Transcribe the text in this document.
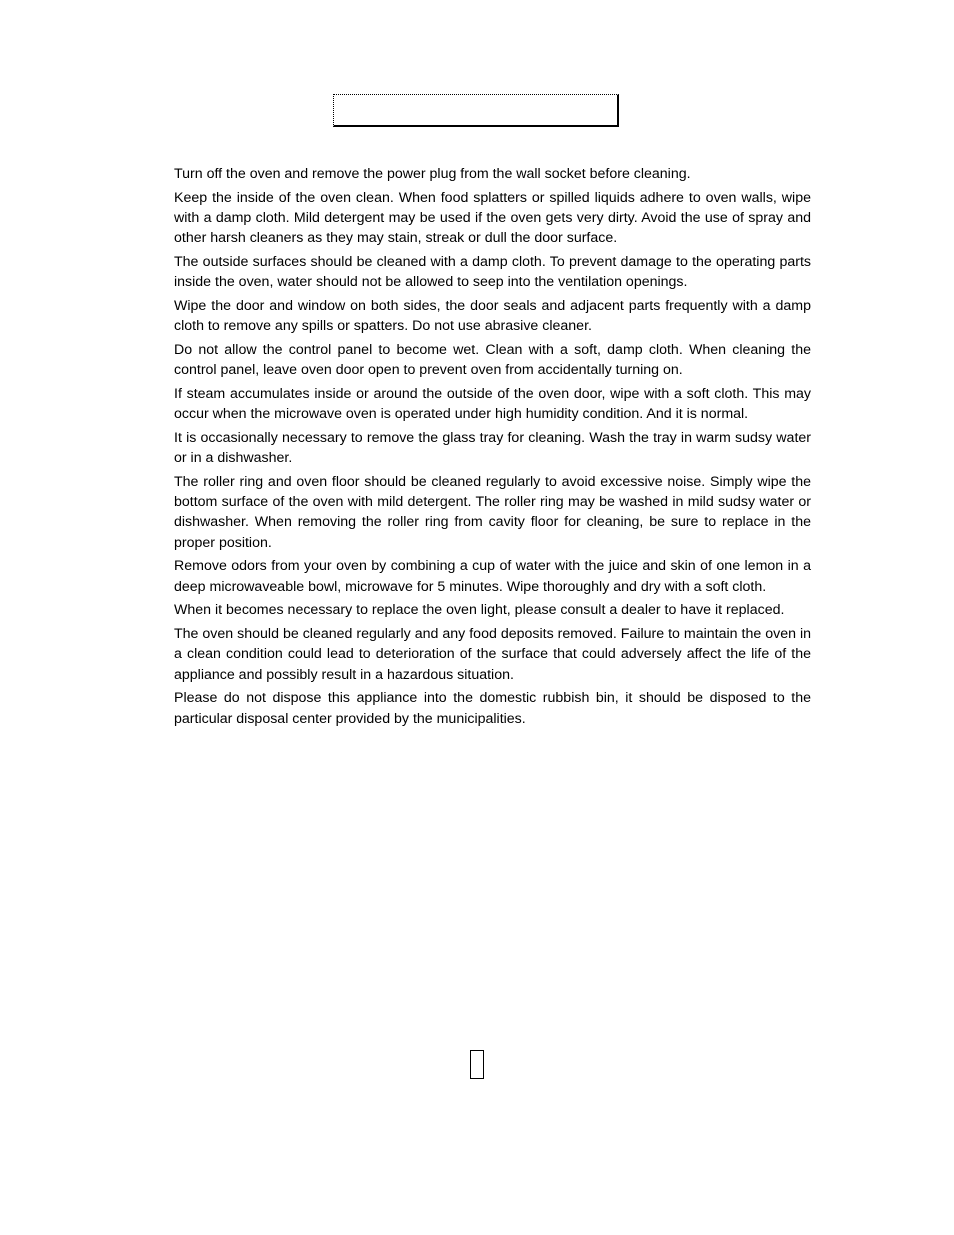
Turn off the oven and remove the power plug from the wall socket before cleaning.

Keep the inside of the oven clean. When food splatters or spilled liquids adhere to oven walls, wipe with a damp cloth. Mild detergent may be used if the oven gets very dirty. Avoid the use of spray and other harsh cleaners as they may stain, streak or dull the door surface.

The outside surfaces should be cleaned with a damp cloth. To prevent damage to the operating parts inside the oven, water should not be allowed to seep into the ventilation openings.

Wipe the door and window on both sides, the door seals and adjacent parts frequently with a damp cloth to remove any spills or spatters. Do not use abrasive cleaner.

Do not allow the control panel to become wet. Clean with a soft, damp cloth. When cleaning the control panel, leave oven door open to prevent oven from accidentally turning on.

If steam accumulates inside or around the outside of the oven door, wipe with a soft cloth. This may occur when the microwave oven is operated under high humidity condition. And it is normal.

It is occasionally necessary to remove the glass tray for cleaning. Wash the tray in warm sudsy water or in a dishwasher.

The roller ring and oven floor should be cleaned regularly to avoid excessive noise. Simply wipe the bottom surface of the oven with mild detergent. The roller ring may be washed in mild sudsy water or dishwasher. When removing the roller ring from cavity floor for cleaning, be sure to replace in the proper position.

Remove odors from your oven by combining a cup of water with the juice and skin of one lemon in a deep microwaveable bowl, microwave for 5 minutes. Wipe thoroughly and dry with a soft cloth.

When it becomes necessary to replace the oven light, please consult a dealer to have it replaced.

The oven should be cleaned regularly and any food deposits removed. Failure to maintain the oven in a clean condition could lead to deterioration of the surface that could adversely affect the life of the appliance and possibly result in a hazardous situation.

Please do not dispose this appliance into the domestic rubbish bin, it should be disposed to the particular disposal center provided by the municipalities.
